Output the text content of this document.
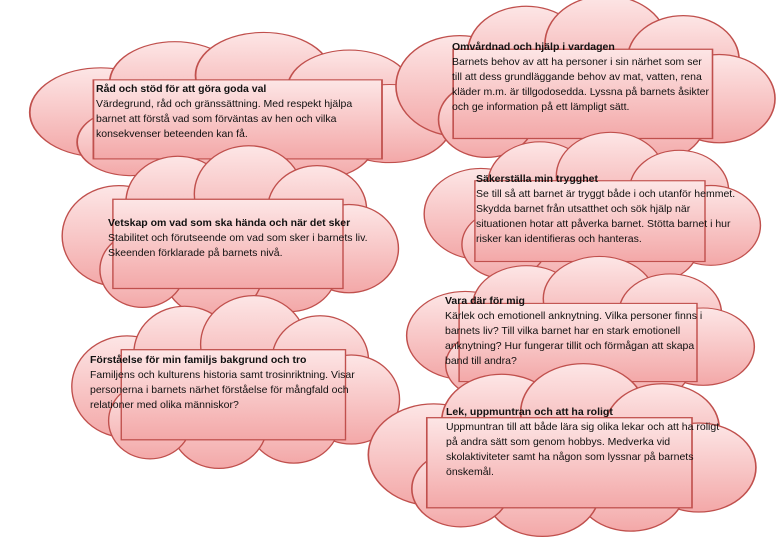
Råd och stöd för att göra goda val
Värdegrund, råd och gränssättning. Med respekt hjälpa barnet att förstå vad som förväntas av hen och vilka konsekvenser beteenden kan få.
Omvårdnad och hjälp i vardagen
Barnets behov av att ha personer i sin närhet som ser till att dess grundläggande behov av mat, vatten, rena kläder m.m. är tillgodosedda. Lyssna på barnets åsikter och ge information på ett lämpligt sätt.
Säkerställa min trygghet
Se till så att barnet är tryggt både i och utanför hemmet. Skydda barnet från utsatthet och sök hjälp när situationen hotar att påverka barnet. Stötta barnet i hur risker kan identifieras och hanteras.
Vetskap om vad som ska hända och när det sker
Stabilitet och förutseende om vad som sker i barnets liv. Skeenden förklarade på barnets nivå.
Vara där för mig
Kärlek och emotionell anknytning. Vilka personer finns i barnets liv? Till vilka barnet har en stark emotionell anknytning? Hur fungerar tillit och förmågan att skapa band till andra?
Förståelse för min familjs bakgrund och tro
Familjens och kulturens historia samt trosinriktning. Visar personerna i barnets närhet förståelse för mångfald och relationer med olika människor?
Lek, uppmuntran och att ha roligt
Uppmuntran till att både lära sig olika lekar och att ha roligt på andra sätt som genom hobbys. Medverka vid skolaktiviteter samt ha någon som lyssnar på barnets önskemål.
